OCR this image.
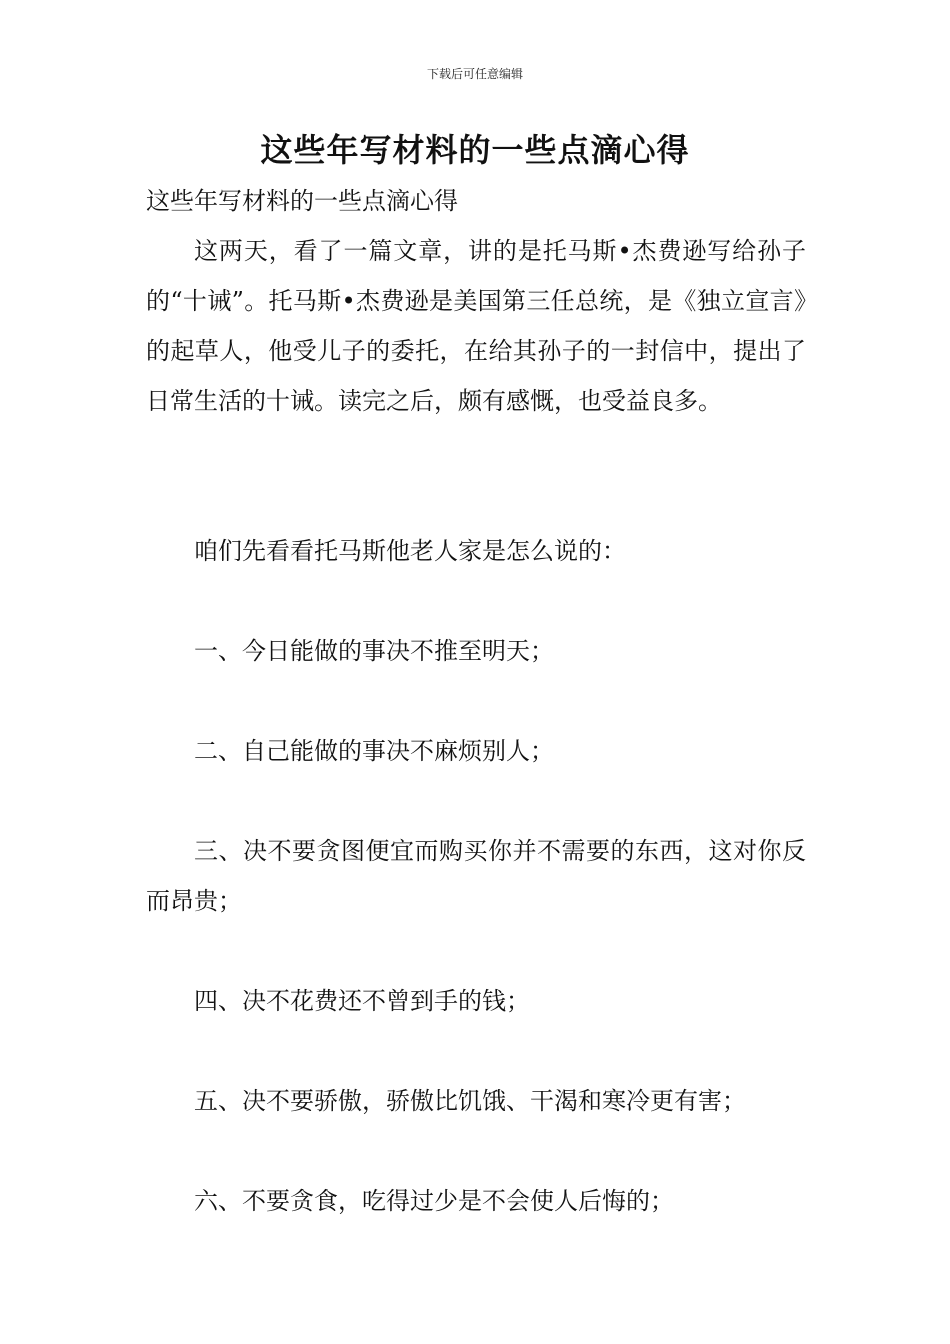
下载后可任意编辑
这些年写材料的一些点滴心得

这些年写材料的一些点滴心得

这两天，看了一篇文章，讲的是托马斯•杰费逊写给孙子的“十诫”。托马斯•杰费逊是美国第三任总统，是《独立宣言》的起草人，他受儿子的委托，在给其孙子的一封信中，提出了日常生活的十诫。读完之后，颇有感慨，也受益良多。

咱们先看看托马斯他老人家是怎么说的：

一、今日能做的事决不推至明天；

二、自己能做的事决不麻烦别人；

三、决不要贪图便宜而购买你并不需要的东西，这对你反而昂贵；

四、决不花费还不曾到手的钱；

五、决不要骄傲，骄傲比饥饿、干渴和寒冷更有害；

六、不要贪食，吃得过少是不会使人后悔的；
